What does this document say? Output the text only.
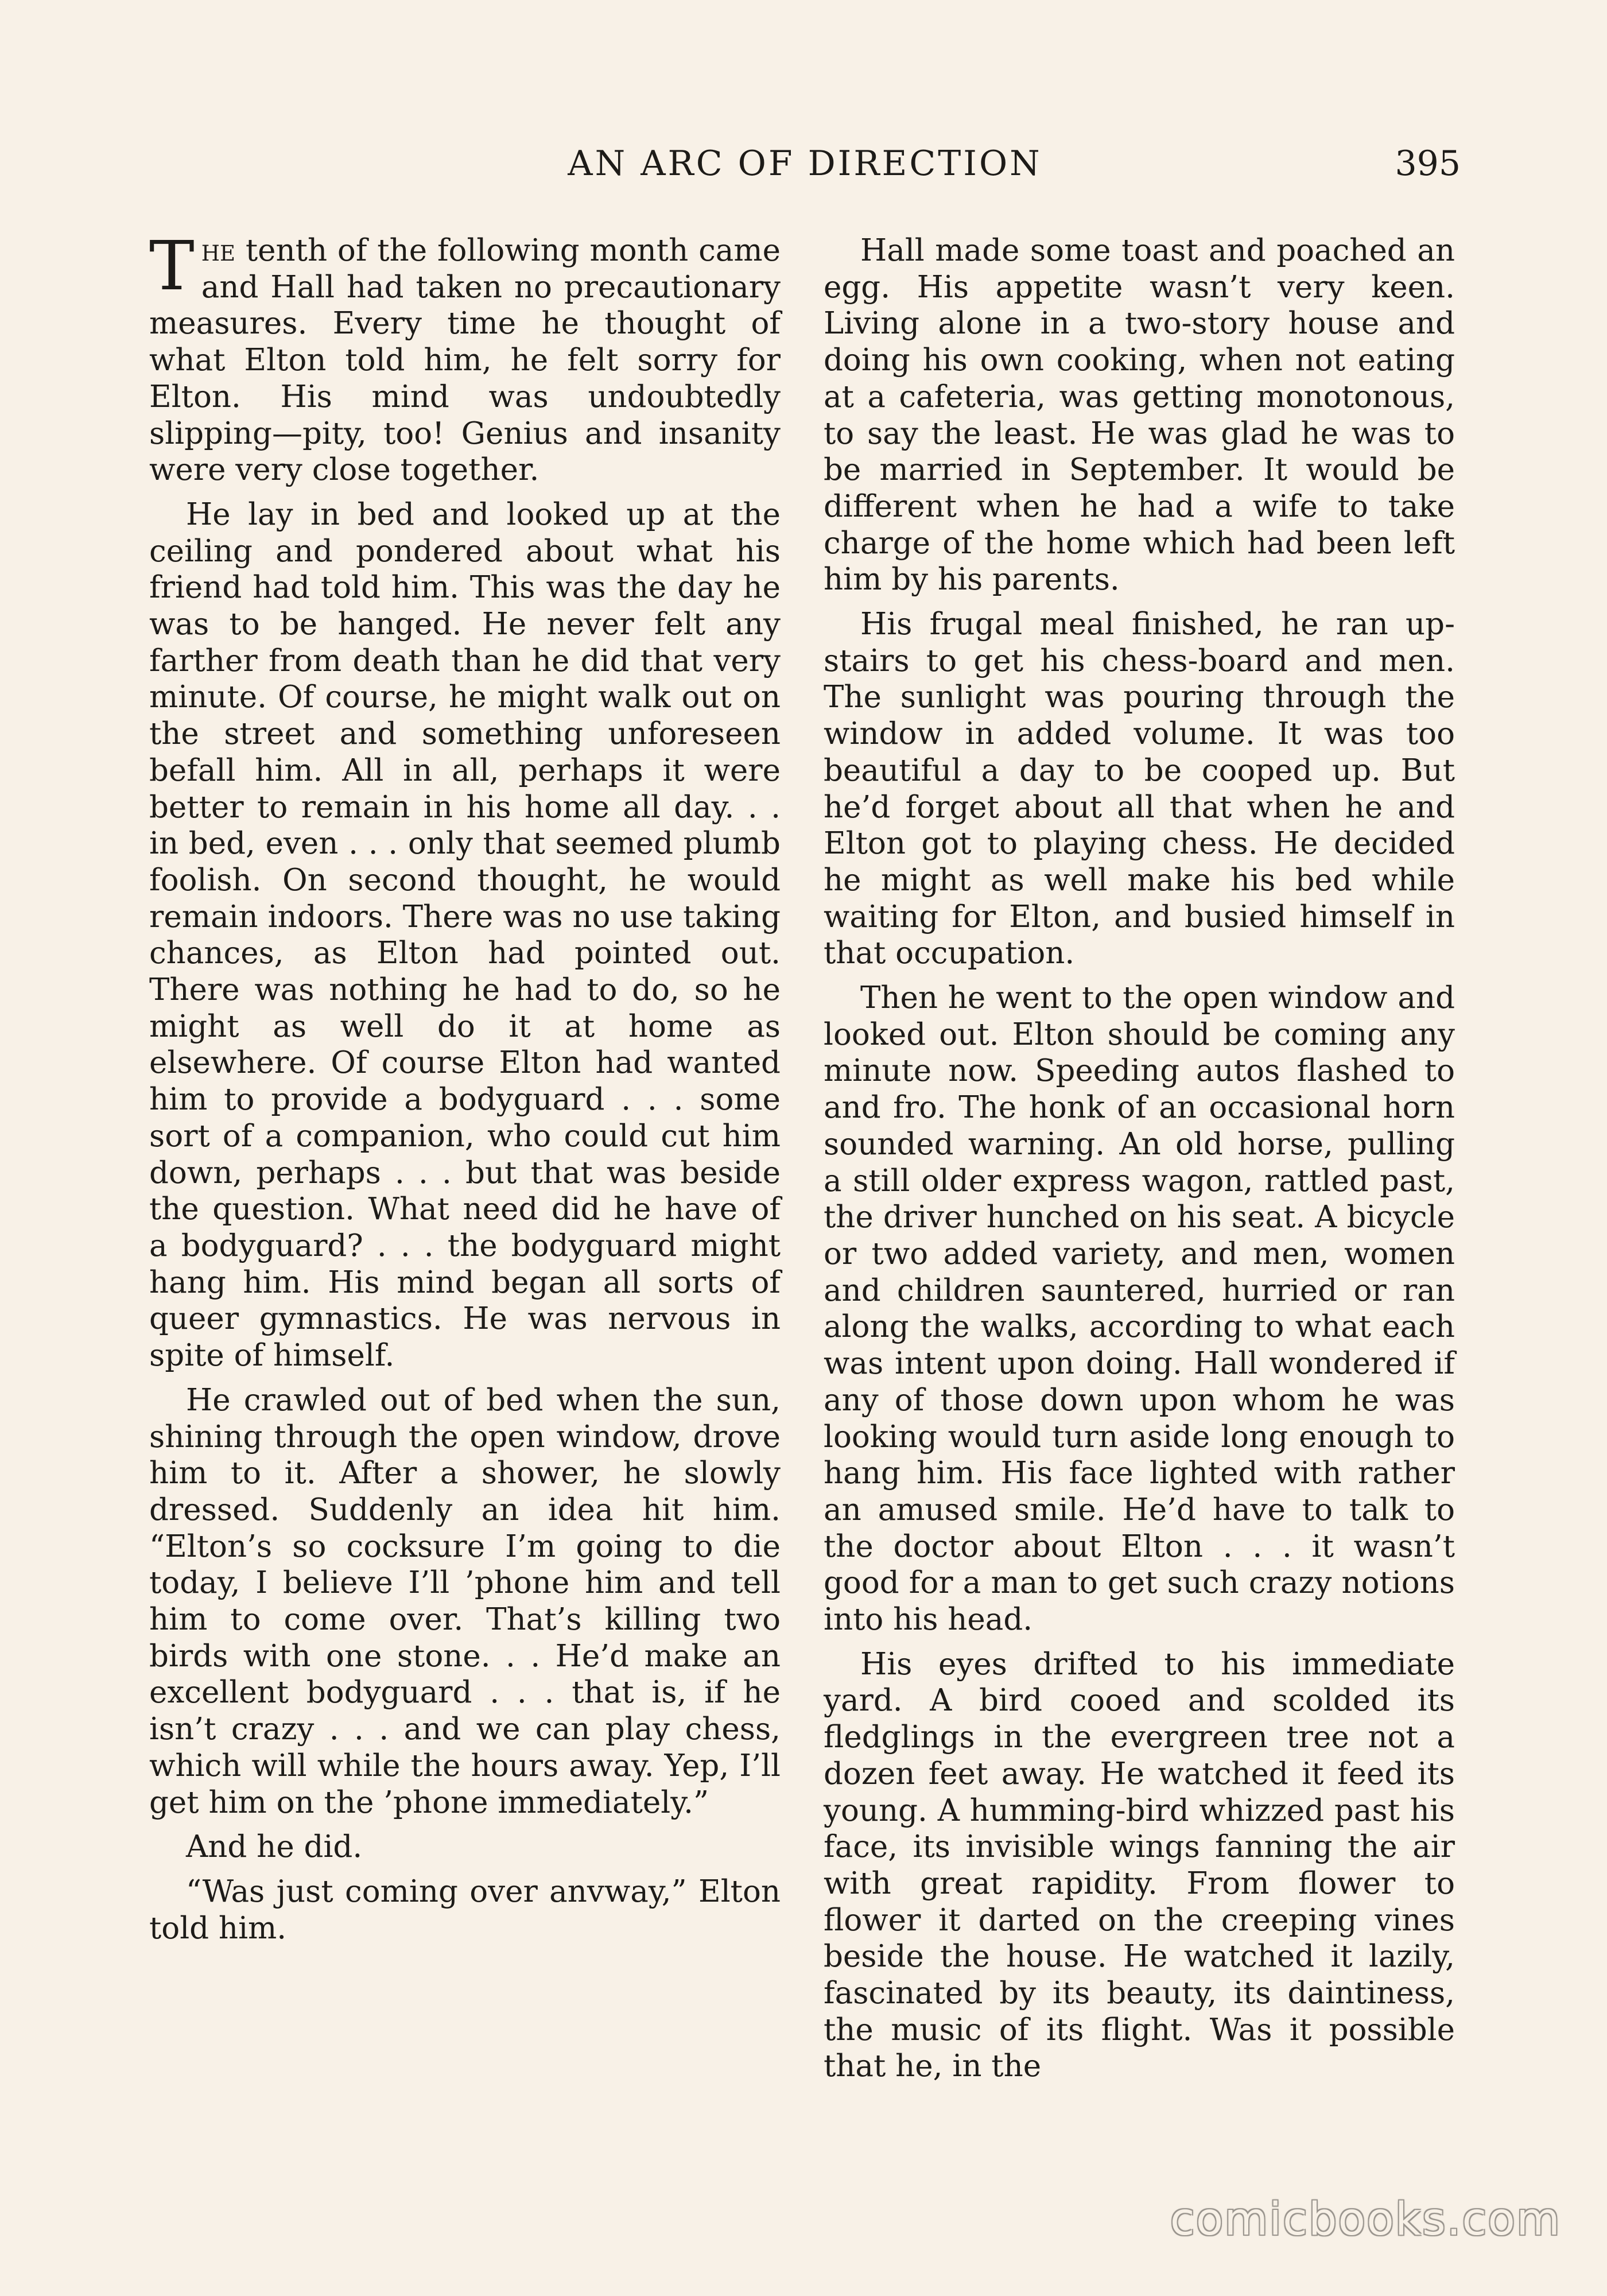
AN ARC OF DIRECTION	395

The tenth of the following month came and Hall had taken no precautionary measures. Every time he thought of what Elton told him, he felt sorry for Elton. His mind was undoubtedly slipping—pity, too! Genius and insanity were very close together.

He lay in bed and looked up at the ceiling and pondered about what his friend had told him. This was the day he was to be hanged. He never felt any farther from death than he did that very minute. Of course, he might walk out on the street and something unforeseen befall him. All in all, perhaps it were better to remain in his home all day. . . in bed, even . . . only that seemed plumb foolish. On second thought, he would remain indoors. There was no use taking chances, as Elton had pointed out. There was nothing he had to do, so he might as well do it at home as elsewhere. Of course Elton had wanted him to provide a bodyguard . . . some sort of a companion, who could cut him down, perhaps . . . but that was beside the question. What need did he have of a bodyguard? . . . the bodyguard might hang him. His mind began all sorts of queer gymnastics. He was nervous in spite of himself.

He crawled out of bed when the sun, shining through the open window, drove him to it. After a shower, he slowly dressed. Suddenly an idea hit him. “Elton’s so cocksure I’m going to die today, I believe I’ll ’phone him and tell him to come over. That’s killing two birds with one stone. . . He’d make an excellent bodyguard . . . that is, if he isn’t crazy . . . and we can play chess, which will while the hours away. Yep, I’ll get him on the ’phone immediately.”

And he did.

“Was just coming over anvway,” Elton told him.

Hall made some toast and poached an egg. His appetite wasn’t very keen. Living alone in a two-story house and doing his own cooking, when not eating at a cafeteria, was getting monotonous, to say the least. He was glad he was to be married in September. It would be different when he had a wife to take charge of the home which had been left him by his parents.

His frugal meal finished, he ran upstairs to get his chess-board and men. The sunlight was pouring through the window in added volume. It was too beautiful a day to be cooped up. But he’d forget about all that when he and Elton got to playing chess. He decided he might as well make his bed while waiting for Elton, and busied himself in that occupation.

Then he went to the open window and looked out. Elton should be coming any minute now. Speeding autos flashed to and fro. The honk of an occasional horn sounded warning. An old horse, pulling a still older express wagon, rattled past, the driver hunched on his seat. A bicycle or two added variety, and men, women and children sauntered, hurried or ran along the walks, according to what each was intent upon doing. Hall wondered if any of those down upon whom he was looking would turn aside long enough to hang him. His face lighted with rather an amused smile. He’d have to talk to the doctor about Elton . . . it wasn’t good for a man to get such crazy notions into his head.

His eyes drifted to his immediate yard. A bird cooed and scolded its fledglings in the evergreen tree not a dozen feet away. He watched it feed its young. A humming-bird whizzed past his face, its invisible wings fanning the air with great rapidity. From flower to flower it darted on the creeping vines beside the house. He watched it lazily, fascinated by its beauty, its daintiness, the music of its flight. Was it possible that he, in the

comicbooks.com
